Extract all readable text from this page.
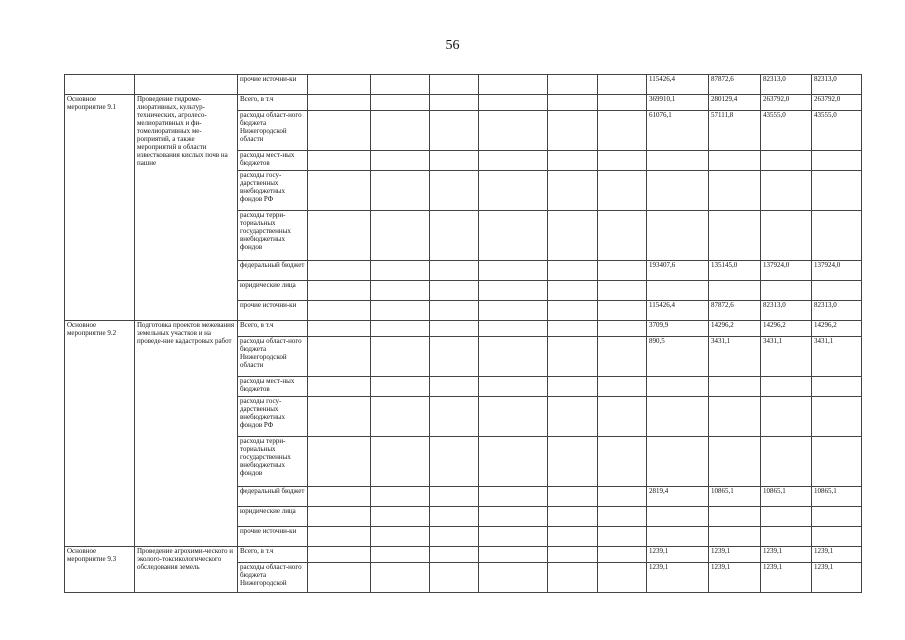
56
		прочие источни-ки							115426,4	87872,6	82313,0	82313,0
Основное мероприятие 9.1	Проведение гидроме-лиоративных, культур-технических, агролесо-мелиоративных и фи-томелиоративных ме-роприятий, а также мероприятий в области известкования кислых почв на пашне	Всего, в т.ч							369910,1	280129,4	263792,0	263792,0
		расходы област-ного бюджета Нижегородской области							61076,1	57111,8	43555,0	43555,0
		расходы мест-ных бюджетов										
		расходы госу-дарственных внебюджетных фондов РФ										
		расходы терри-ториальных государственных внебюджетных фондов										
		федеральный бюджет							193407,6	135145,0	137924,0	137924,0
		юридические лица										
		прочие источни-ки							115426,4	87872,6	82313,0	82313,0
Основное мероприятие 9.2	Подготовка проектов межевания земельных участков и на проведе-ние кадастровых работ	Всего, в т.ч							3709,9	14296,2	14296,2	14296,2
		расходы област-ного бюджета Нижегородской области							890,5	3431,1	3431,1	3431,1
		расходы мест-ных бюджетов										
		расходы госу-дарственных внебюджетных фондов РФ										
		расходы терри-ториальных государственных внебюджетных фондов										
		федеральный бюджет							2819,4	10865,1	10865,1	10865,1
		юридические лица										
		прочие источни-ки										
Основное мероприятие 9.3	Проведение агрохими-ческого и эколого-токсикологического обследования земель	Всего, в т.ч							1239,1	1239,1	1239,1	1239,1
		расходы област-ного бюджета Нижегородской							1239,1	1239,1	1239,1	1239,1
